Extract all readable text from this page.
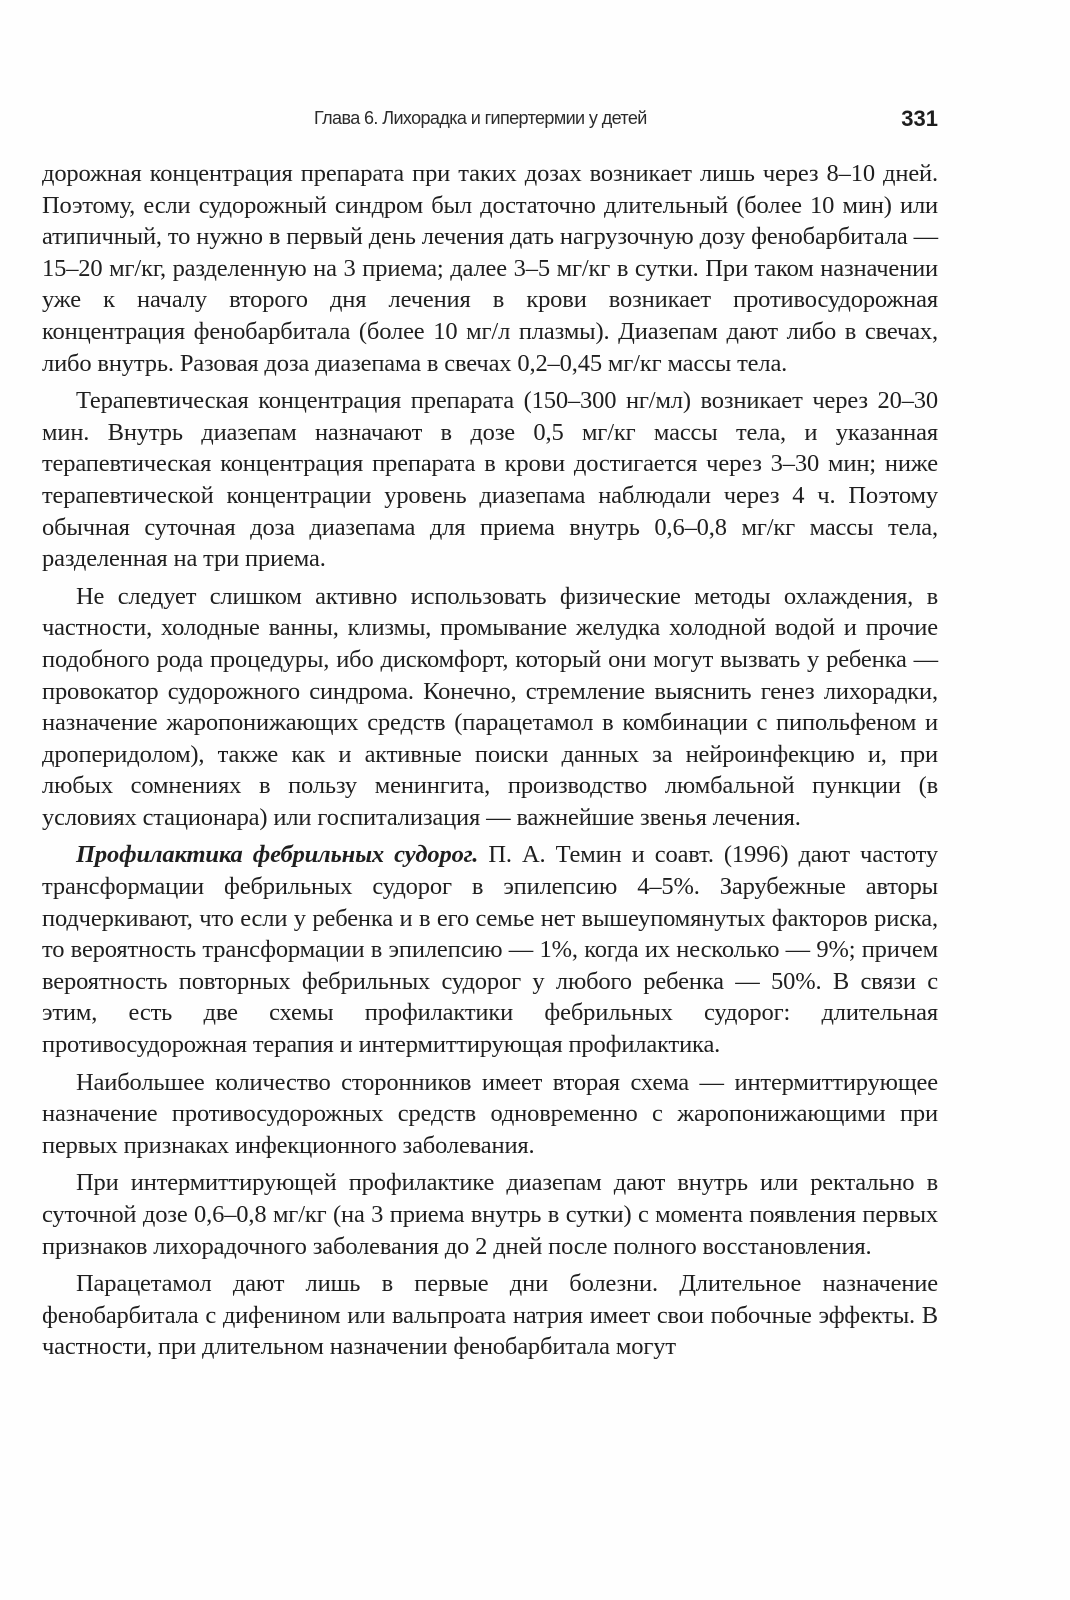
Глава 6. Лихорадка и гипертермии у детей	331

дорожная концентрация препарата при таких дозах возникает лишь через 8–10 дней. Поэтому, если судорожный синдром был достаточно длительный (более 10 мин) или атипичный, то нужно в первый день лечения дать нагрузочную дозу фенобарбитала — 15–20 мг/кг, разделенную на 3 приема; далее 3–5 мг/кг в сутки. При таком назначении уже к началу второго дня лечения в крови возникает противосудорожная концентрация фенобарбитала (более 10 мг/л плазмы). Диазепам дают либо в свечах, либо внутрь. Разовая доза диазепама в свечах 0,2–0,45 мг/кг массы тела.

Терапевтическая концентрация препарата (150–300 нг/мл) возникает через 20–30 мин. Внутрь диазепам назначают в дозе 0,5 мг/кг массы тела, и указанная терапевтическая концентрация препарата в крови достигается через 3–30 мин; ниже терапевтической концентрации уровень диазепама наблюдали через 4 ч. Поэтому обычная суточная доза диазепама для приема внутрь 0,6–0,8 мг/кг массы тела, разделенная на три приема.

Не следует слишком активно использовать физические методы охлаждения, в частности, холодные ванны, клизмы, промывание желудка холодной водой и прочие подобного рода процедуры, ибо дискомфорт, который они могут вызвать у ребенка — провокатор судорожного синдрома. Конечно, стремление выяснить генез лихорадки, назначение жаропонижающих средств (парацетамол в комбинации с пипольфеном и дроперидолом), также как и активные поиски данных за нейроинфекцию и, при любых сомнениях в пользу менингита, производство люмбальной пункции (в условиях стационара) или госпитализация — важнейшие звенья лечения.

Профилактика фебрильных судорог. П. А. Темин и соавт. (1996) дают частоту трансформации фебрильных судорог в эпилепсию 4–5%. Зарубежные авторы подчеркивают, что если у ребенка и в его семье нет вышеупомянутых факторов риска, то вероятность трансформации в эпилепсию — 1%, когда их несколько — 9%; причем вероятность повторных фебрильных судорог у любого ребенка — 50%. В связи с этим, есть две схемы профилактики фебрильных судорог: длительная противосудорожная терапия и интермиттирующая профилактика.

Наибольшее количество сторонников имеет вторая схема — интермиттирующее назначение противосудорожных средств одновременно с жаропонижающими при первых признаках инфекционного заболевания.

При интермиттирующей профилактике диазепам дают внутрь или ректально в суточной дозе 0,6–0,8 мг/кг (на 3 приема внутрь в сутки) с момента появления первых признаков лихорадочного заболевания до 2 дней после полного восстановления.

Парацетамол дают лишь в первые дни болезни. Длительное назначение фенобарбитала с дифенином или вальпроата натрия имеет свои побочные эффекты. В частности, при длительном назначении фенобарбитала могут
